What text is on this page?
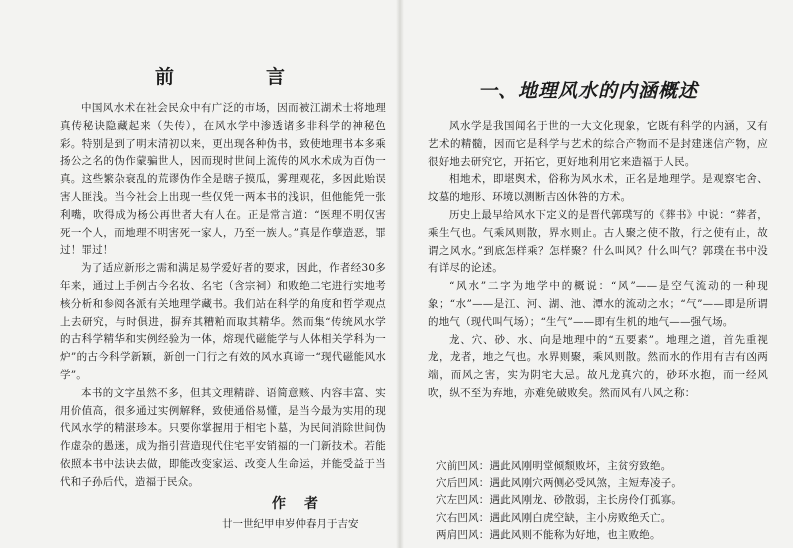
前	言

中国风水术在社会民众中有广泛的市场，因而被江湖术士将地理真传秘诀隐藏起来（失传），在风水学中渗透诸多非科学的神秘色彩。特别是到了明末清初以来，更出现各种伪书，致使地理书本多乘扬公之名的伪作蒙骗世人，因而现时世间上流传的风水术成为百伪一真。这些繁杂衰乱的荒谬伪作全是瞎子摸瓜，雾理观花，多因此贻误害人匪浅。当今社会上出现一些仅凭一两本书的浅识，但他能凭一张利嘴，吹得成为杨公再世者大有人在。正是常言道：“医理不明仅害死一个人，而地理不明害死一家人，乃至一族人。”真是作孽造恶，罪过！罪过！

为了适应新形之需和满足易学爱好者的要求，因此，作者经30多年来，通过上手例古今名妆、名宅（含宗祠）和败绝二宅进行实地考核分析和参阅各派有关地理学藏书。我们站在科学的角度和哲学观点上去研究，与时俱进，摒弃其糟粕而取其精华。然而集“传统风水学的古科学精华和实例经验为一体，熔现代磁能学与人体相关学科为一炉”的古今科学新颖，新创一门行之有效的风水真谛一“现代磁能风水学”。

本书的文字虽然不多，但其文理精辟、语简意赅、内容丰富、实用价值高，很多通过实例解释，致使通俗易懂，是当今最为实用的现代风水学的精湛珍本。只要你掌握用于相宅卜墓，为民间消除世间伪作虚杂的愚迷，成为指引营造现代住宅平安销福的一门新技术。若能依照本书中法诀去做，即能改变家运、改变人生命运，并能受益于当代和子孙后代，造福于民众。

作者
廿一世纪甲申岁仲春月于吉安
一、地理风水的内涵概述

风水学是我国闻名于世的一大文化现象，它既有科学的内涵，又有艺术的精髓，因而它是科学与艺术的综合产物而不是封建迷信产物，应很好地去研究它，开拓它，更好地利用它来造福于人民。

相地术，即堪舆术，俗称为风水术，正名是地理学。是观察宅舍、坟墓的地形、环境以测断吉凶休咎的方术。

历史上最早给风水下定义的是晋代郭璞写的《葬书》中说：“葬者，乘生气也。气乘风则散，界水则止。古人聚之使不散，行之使有止，故谓之风水。”到底怎样乘？怎样聚？什么叫风？什么叫气？郭璞在书中没有详尽的论述。

“风水”二字为地学中的概说：“风”——是空气流动的一种现象；“水”——是江、河、湖、池、潭水的流动之水；“气”——即是所谓的地气（现代叫气场）；“生气”——即有生机的地气——强气场。

龙、穴、砂、水、向是地理中的“五要素”。地理之道，首先重视龙，龙者，地之气也。水界则聚，乘风则散。然而水的作用有吉有凶两端，而风之害，实为阴宅大忌。故凡龙真穴的，砂环水抱，而一经风吹，纵不至为弃地，亦难免破败矣。然而风有八风之称：

穴前凹风：遇此风刚明堂倾颓败坏，主贫穷致绝。

穴后凹风：遇此风刚穴两侧必受风煞，主短寿凌子。

穴左凹风：遇此风刚龙、砂散弱，主长房伶仃孤寡。

穴右凹风：遇此风刚白虎空缺，主小房败绝夭亡。

两肩凹风：遇此风则不能称为好地，也主败绝。
